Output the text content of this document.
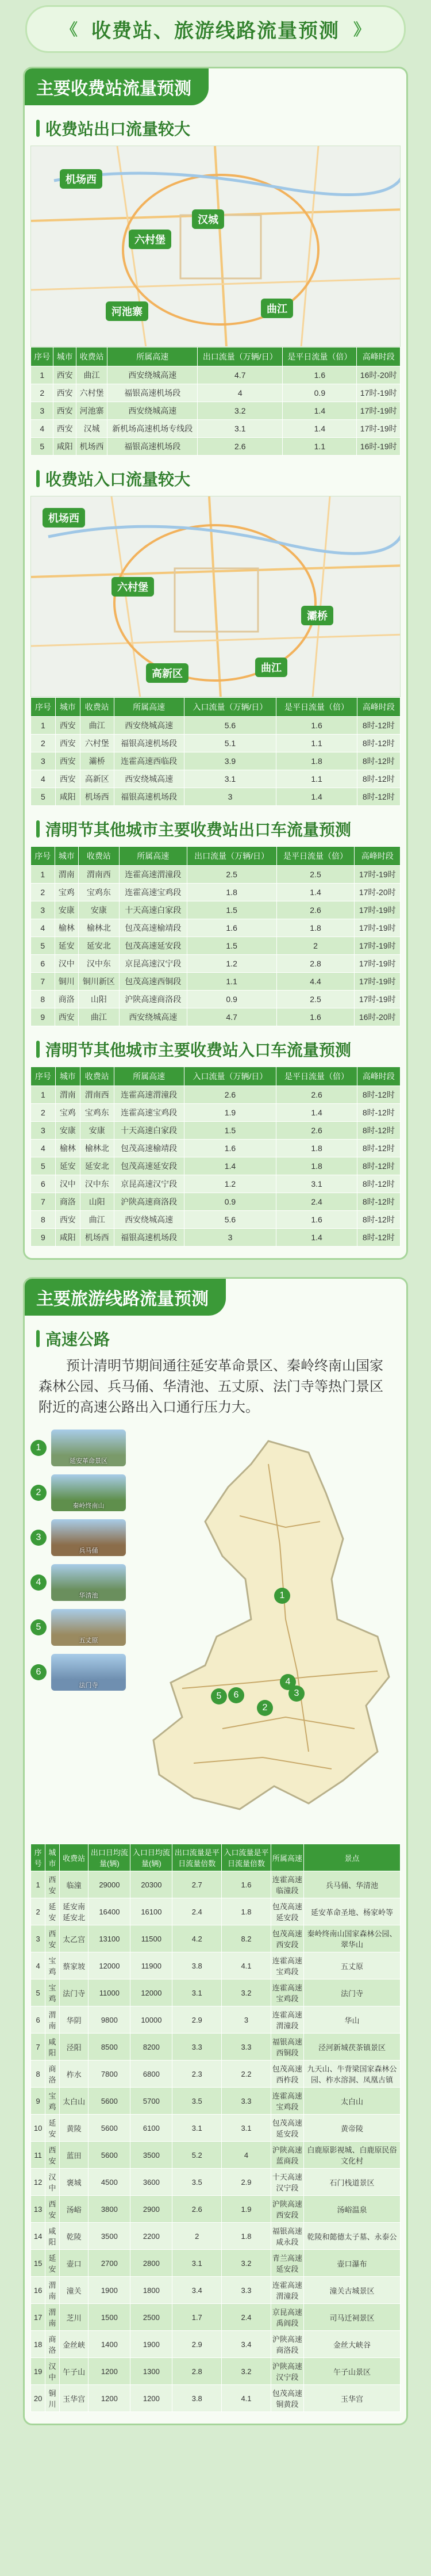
《 收费站、旅游线路流量预测 》
主要收费站流量预测
收费站出口流量较大
机场西
汉城
六村堡
河池寨	曲江
序号	城市	收费站	所属高速	出口流量（万辆/日）	是平日流量（倍）	高峰时段
1	西安	曲江	西安绕城高速	4.7	1.6	16时-20时
2	西安	六村堡	福银高速机场段	4	0.9	17时-19时
3	西安	河池寨	西安绕城高速	3.2	1.4	17时-19时
4	西安	汉城	新机场高速机场专线段	3.1	1.4	17时-19时
5	咸阳	机场西	福银高速机场段	2.6	1.1	16时-19时
收费站入口流量较大
机场西
六村堡
灞桥
高新区	曲江
序号	城市	收费站	所属高速	入口流量（万辆/日）	是平日流量（倍）	高峰时段
1	西安	曲江	西安绕城高速	5.6	1.6	8时-12时
2	西安	六村堡	福银高速机场段	5.1	1.1	8时-12时
3	西安	灞桥	连霍高速西临段	3.9	1.8	8时-12时
4	西安	高新区	西安绕城高速	3.1	1.1	8时-12时
5	咸阳	机场西	福银高速机场段	3	1.4	8时-12时
清明节其他城市主要收费站出口车流量预测
序号	城市	收费站	所属高速	出口流量（万辆/日）	是平日流量（倍）	高峰时段
1	渭南	渭南西	连霍高速渭潼段	2.5	2.5	17时-19时
2	宝鸡	宝鸡东	连霍高速宝鸡段	1.8	1.4	17时-20时
3	安康	安康	十天高速白家段	1.5	2.6	17时-19时
4	榆林	榆林北	包茂高速榆靖段	1.6	1.8	17时-19时
5	延安	延安北	包茂高速延安段	1.5	2	17时-19时
6	汉中	汉中东	京昆高速汉宁段	1.2	2.8	17时-19时
7	铜川	铜川新区	包茂高速西铜段	1.1	4.4	17时-19时
8	商洛	山阳	沪陕高速商洛段	0.9	2.5	17时-19时
9	西安	曲江	西安绕城高速	4.7	1.6	16时-20时
清明节其他城市主要收费站入口车流量预测
序号	城市	收费站	所属高速	入口流量（万辆/日）	是平日流量（倍）	高峰时段
1	渭南	渭南西	连霍高速渭潼段	2.6	2.6	8时-12时
2	宝鸡	宝鸡东	连霍高速宝鸡段	1.9	1.4	8时-12时
3	安康	安康	十天高速白家段	1.5	2.6	8时-12时
4	榆林	榆林北	包茂高速榆靖段	1.6	1.8	8时-12时
5	延安	延安北	包茂高速延安段	1.4	1.8	8时-12时
6	汉中	汉中东	京昆高速汉宁段	1.2	3.1	8时-12时
7	商洛	山阳	沪陕高速商洛段	0.9	2.4	8时-12时
8	西安	曲江	西安绕城高速	5.6	1.6	8时-12时
9	咸阳	机场西	福银高速机场段	3	1.4	8时-12时
主要旅游线路流量预测
高速公路

预计清明节期间通往延安革命景区、秦岭终南山国家森林公园、兵马俑、华清池、五丈原、法门寺等热门景区附近的高速公路出入口通行压力大。

1
延安革命景区
2
秦岭终南山
3
兵马俑
4
华清池
5
五丈原
6
法门寺
1
2
3
4
5	6
序号	城市	收费站	出口日均流量(辆)	入口日均流量(辆)	出口流量是平日流量倍数	入口流量是平日流量倍数	所属高速	景点
1	西安	临潼	29000	20300	2.7	1.6	连霍高速临潼段	兵马俑、华清池
2	延安	延安南延安北	16400	16100	2.4	1.8	包茂高速延安段	延安革命圣地、杨家岭等
3	西安	太乙宫	13100	11500	4.2	8.2	包茂高速西安段	秦岭终南山国家森林公园、翠华山
4	宝鸡	蔡家坡	12000	11900	3.8	4.1	连霍高速宝鸡段	五丈原
5	宝鸡	法门寺	11000	12000	3.1	3.2	连霍高速宝鸡段	法门寺
6	渭南	华阴	9800	10000	2.9	3	连霍高速渭潼段	华山
7	咸阳	泾阳	8500	8200	3.3	3.3	福银高速西铜段	泾河新城茯茶镇景区
8	商洛	柞水	7800	6800	2.3	2.2	包茂高速西柞段	九天山、牛背梁国家森林公园、柞水溶洞、凤凰古镇
9	宝鸡	太白山	5600	5700	3.5	3.3	连霍高速宝鸡段	太白山
10	延安	黄陵	5600	6100	3.1	3.1	包茂高速延安段	黄帝陵
11	西安	蓝田	5600	3500	5.2	4	沪陕高速蓝商段	白鹿原影视城、白鹿原民俗文化村
12	汉中	褒城	4500	3600	3.5	2.9	十天高速汉宁段	石门栈道景区
13	西安	汤峪	3800	2900	2.6	1.9	沪陕高速西安段	汤峪温泉
14	咸阳	乾陵	3500	2200	2	1.8	福银高速咸永段	乾陵和懿德太子墓、永泰公
15	延安	壶口	2700	2800	3.1	3.2	青兰高速延安段	壶口瀑布
16	渭南	潼关	1900	1800	3.4	3.3	连霍高速渭潼段	潼关古城景区
17	渭南	芝川	1500	2500	1.7	2.4	京昆高速禹阎段	司马迁祠景区
18	商洛	金丝峡	1400	1900	2.9	3.4	沪陕高速商洛段	金丝大峡谷
19	汉中	午子山	1200	1300	2.8	3.2	沪陕高速汉宁段	午子山景区
20	铜川	玉华宫	1200	1200	3.8	4.1	包茂高速铜黄段	玉华宫
